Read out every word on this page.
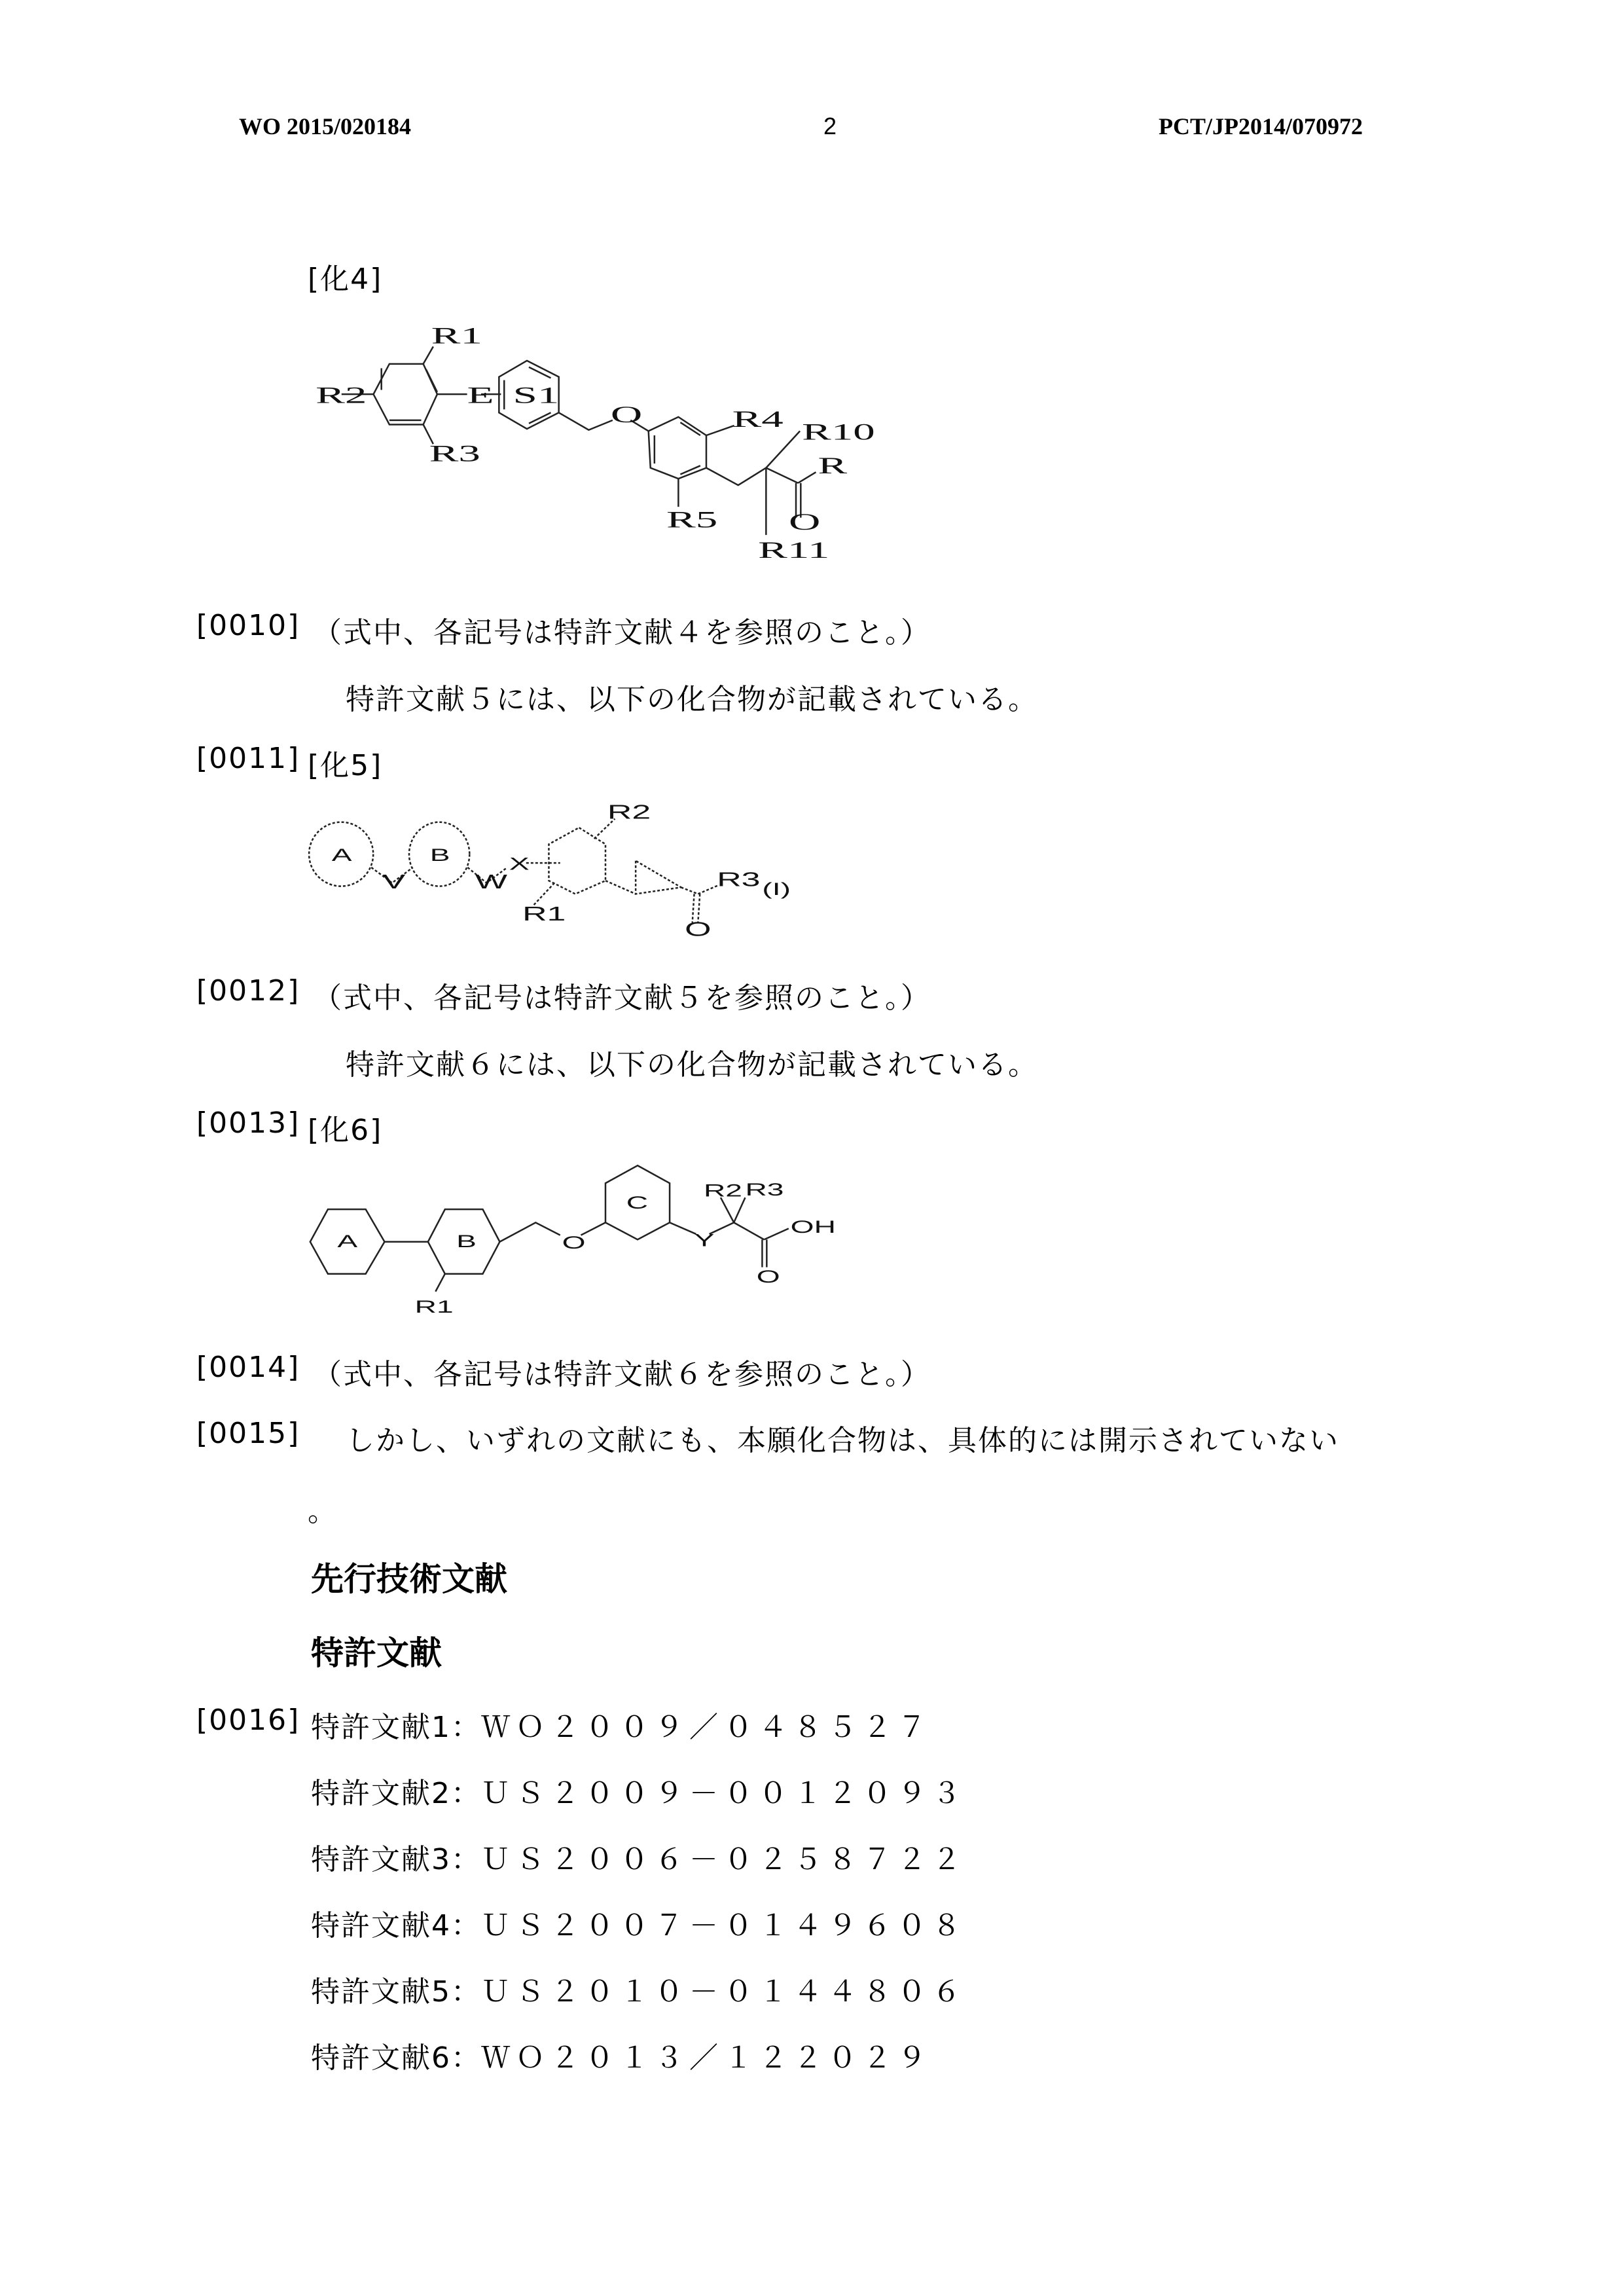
WO 2015/020184	2	PCT/JP2014/070972
[化4]
R1
R2
R3
E S1
O R4
R5
R10
R
O
R11
[0010] （式中、各記号は特許文献４を参照のこと。）
特許文献５には、以下の化合物が記載されている。
[0011] [化5]
A B
V W
X
R2
R1
R3
O
(I)
[0012] （式中、各記号は特許文献５を参照のこと。）
特許文献６には、以下の化合物が記載されている。
[0013] [化6]
A B
C
O Y
R2 R3
OH
O
R1
[0014] （式中、各記号は特許文献６を参照のこと。）
[0015] しかし、いずれの文献にも、本願化合物は、具体的には開示されていない
。
先行技術文献
特許文献
[0016] 特許文献1：ＷＯ２００９／０４８５２７
特許文献2：ＵＳ２００９－００１２０９３
特許文献3：ＵＳ２００６－０２５８７２２
特許文献4：ＵＳ２００７－０１４９６０８
特許文献5：ＵＳ２０１０－０１４４８０６
特許文献6：ＷＯ２０１３／１２２０２９
